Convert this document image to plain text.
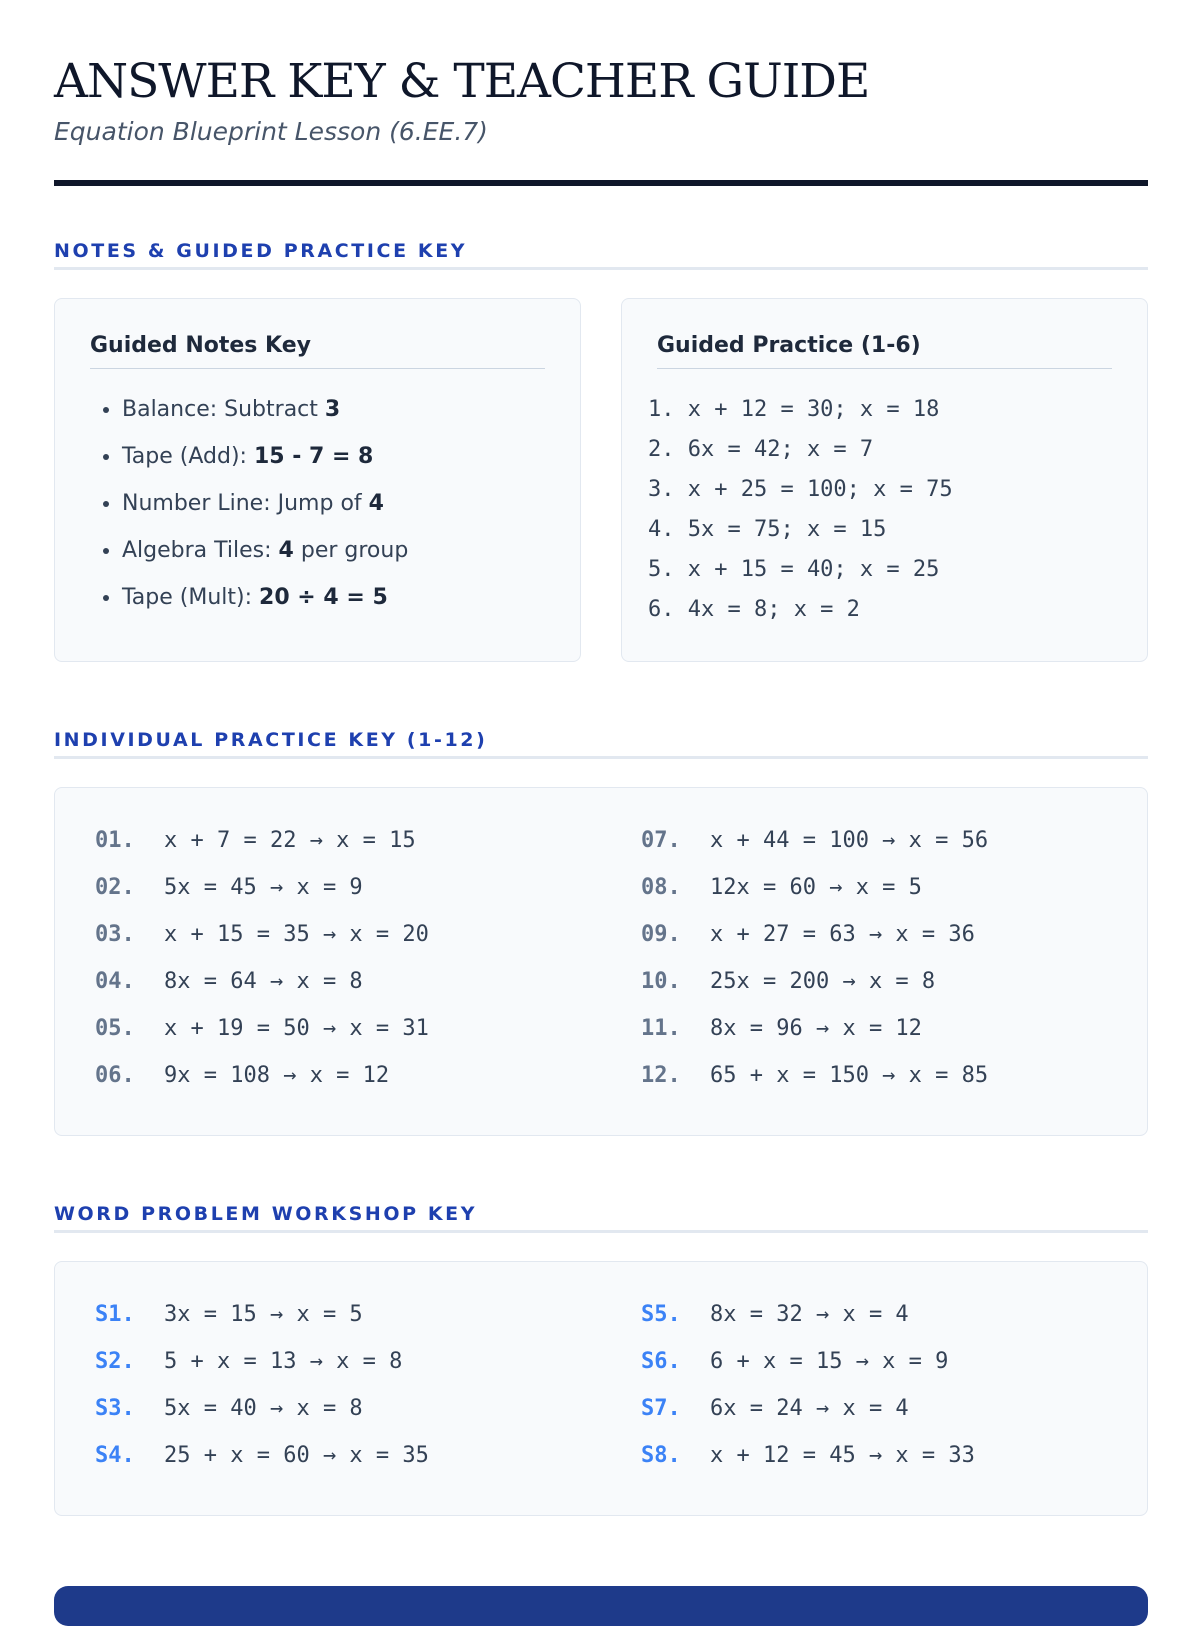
ANSWER KEY & TEACHER GUIDE
Equation Blueprint Lesson (6.EE.7)
NOTES & GUIDED PRACTICE KEY
Guided Notes Key
• Balance: Subtract 3
• Tape (Add): 15 - 7 = 8
• Number Line: Jump of 4
• Algebra Tiles: 4 per group
• Tape (Mult): 20 ÷ 4 = 5
Guided Practice (1-6)
1. x + 12 = 30; x = 18
2. 6x = 42; x = 7
3. x + 25 = 100; x = 75
4. 5x = 75; x = 15
5. x + 15 = 40; x = 25
6. 4x = 8; x = 2
INDIVIDUAL PRACTICE KEY (1-12)
01. x + 7 = 22 → x = 15
02. 5x = 45 → x = 9
03. x + 15 = 35 → x = 20
04. 8x = 64 → x = 8
05. x + 19 = 50 → x = 31
06. 9x = 108 → x = 12
07. x + 44 = 100 → x = 56
08. 12x = 60 → x = 5
09. x + 27 = 63 → x = 36
10. 25x = 200 → x = 8
11. 8x = 96 → x = 12
12. 65 + x = 150 → x = 85
WORD PROBLEM WORKSHOP KEY
S1. 3x = 15 → x = 5
S2. 5 + x = 13 → x = 8
S3. 5x = 40 → x = 8
S4. 25 + x = 60 → x = 35
S5. 8x = 32 → x = 4
S6. 6 + x = 15 → x = 9
S7. 6x = 24 → x = 4
S8. x + 12 = 45 → x = 33
